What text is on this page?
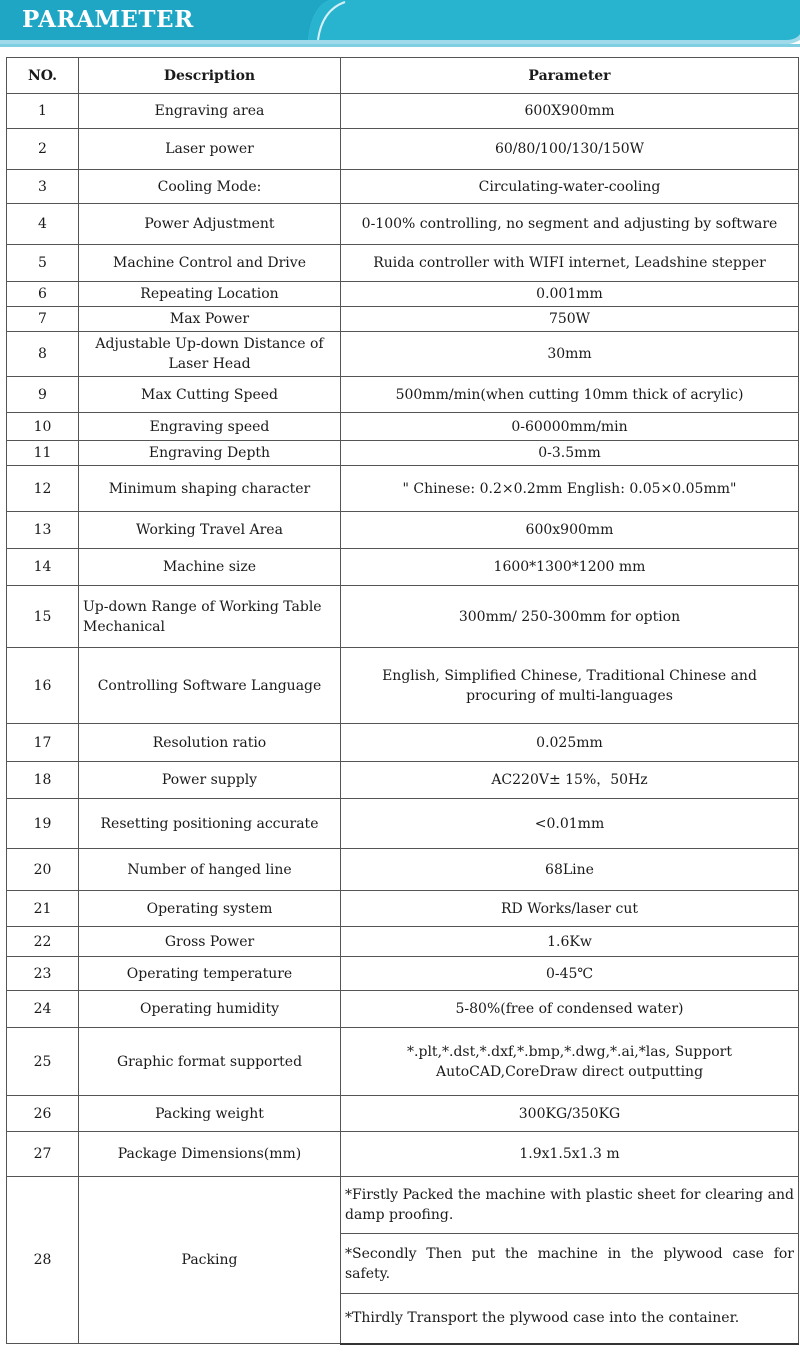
PARAMETER
NO.	Description	Parameter
1	Engraving area	600X900mm
2	Laser power	60/80/100/130/150W
3	Cooling Mode:	Circulating-water-cooling
4	Power Adjustment	0-100% controlling, no segment and adjusting by software
5	Machine Control and Drive	Ruida controller with WIFI internet, Leadshine stepper
6	Repeating Location	0.001mm
7	Max Power	750W
8	Adjustable Up-down Distance of Laser Head	30mm
9	Max Cutting Speed	500mm/min(when cutting 10mm thick of acrylic)
10	Engraving speed	0-60000mm/min
11	Engraving Depth	0-3.5mm
12	Minimum shaping character	" Chinese: 0.2×0.2mm English: 0.05×0.05mm"
13	Working Travel Area	600x900mm
14	Machine size	1600*1300*1200 mm
15	Up-down Range of Working Table Mechanical	300mm/ 250-300mm for option
16	Controlling Software Language	English, Simplified Chinese, Traditional Chinese and procuring of multi-languages
17	Resolution ratio	0.025mm
18	Power supply	AC220V± 15%，50Hz
19	Resetting positioning accurate	<0.01mm
20	Number of hanged line	68Line
21	Operating system	RD Works/laser cut
22	Gross Power	1.6Kw
23	Operating temperature	0-45℃
24	Operating humidity	5-80%(free of condensed water)
25	Graphic format supported	*.plt,*.dst,*.dxf,*.bmp,*.dwg,*.ai,*las, Support AutoCAD,CoreDraw direct outputting
26	Packing weight	300KG/350KG
27	Package Dimensions(mm)	1.9x1.5x1.3 m
28	Packing	*Firstly Packed the machine with plastic sheet for clearing and damp proofing.
		*Secondly Then put the machine in the plywood case for safety.
		*Thirdly Transport the plywood case into the container.
